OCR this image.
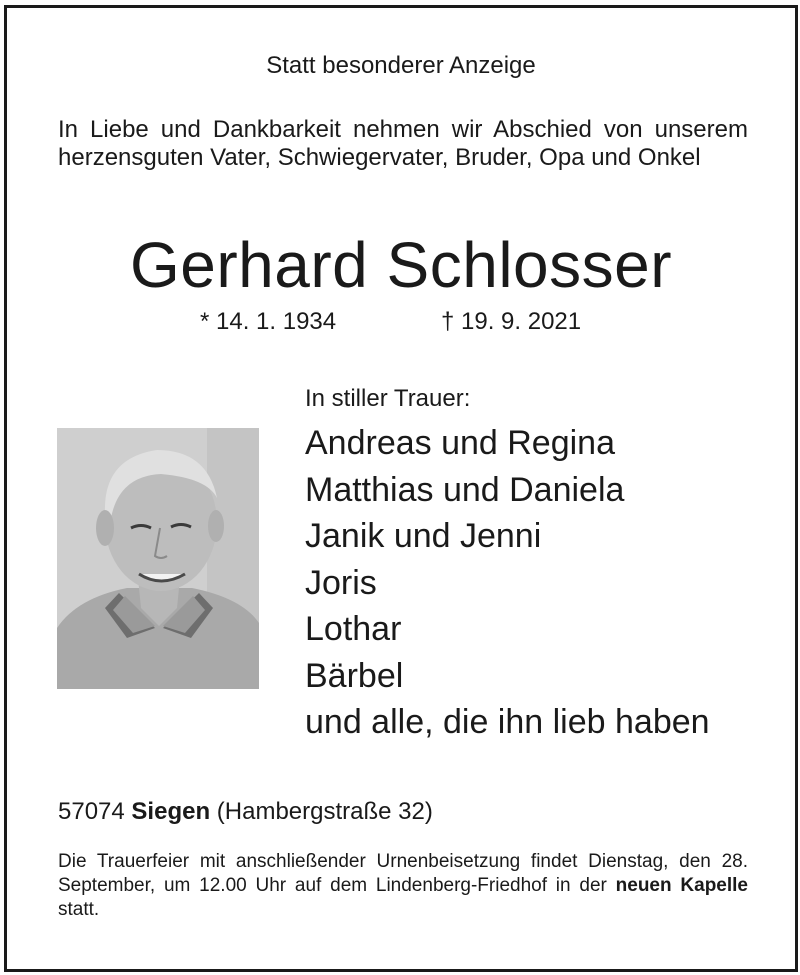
Statt besonderer Anzeige
In Liebe und Dankbarkeit nehmen wir Abschied von unserem herzensguten Vater, Schwiegervater, Bruder, Opa und Onkel
Gerhard Schlosser
* 14. 1. 1934	† 19. 9. 2021
In stiller Trauer:
Andreas und Regina
Matthias und Daniela
Janik und Jenni
Joris
Lothar
Bärbel
und alle, die ihn lieb haben
57074 Siegen (Hambergstraße 32)
Die Trauerfeier mit anschließender Urnenbeisetzung findet Dienstag, den 28. September, um 12.00 Uhr auf dem Lindenberg-Friedhof in der neuen Kapelle statt.
